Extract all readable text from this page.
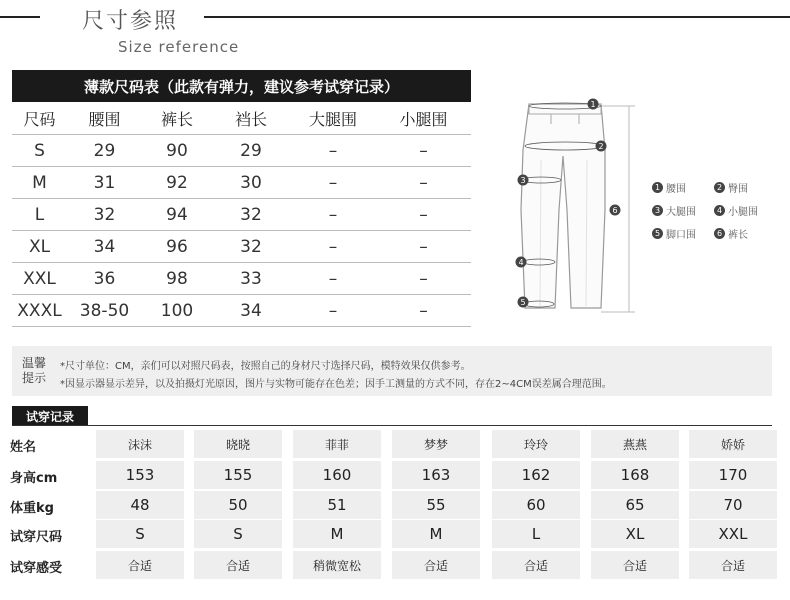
尺寸参照
Size reference
薄款尺码表（此款有弹力，建议参考试穿记录）
尺码	腰围	裤长	裆长	大腿围	小腿围
S	29	90	29	–	–
M	31	92	30	–	–
L	32	94	32	–	–
XL	34	96	32	–	–
XXL	36	98	33	–	–
XXXL	38-50	100	34	–	–
1
2
3
4
5
6
1 腰围	2 臀围
3 大腿围	4 小腿围
5 脚口围	6 裤长
温馨
提示
*尺寸单位：CM，亲们可以对照尺码表，按照自己的身材尺寸选择尺码，模特效果仅供参考。
*因显示器显示差异，以及拍摄灯光原因，图片与实物可能存在色差；因手工测量的方式不同，存在2~4CM误差属合理范围。
试穿记录
姓名	沫沫	晓晓	菲菲	梦梦	玲玲	燕燕	娇娇
身高cm	153	155	160	163	162	168	170
体重kg	48	50	51	55	60	65	70
试穿尺码	S	S	M	M	L	XL	XXL
试穿感受	合适	合适	稍微宽松	合适	合适	合适	合适
